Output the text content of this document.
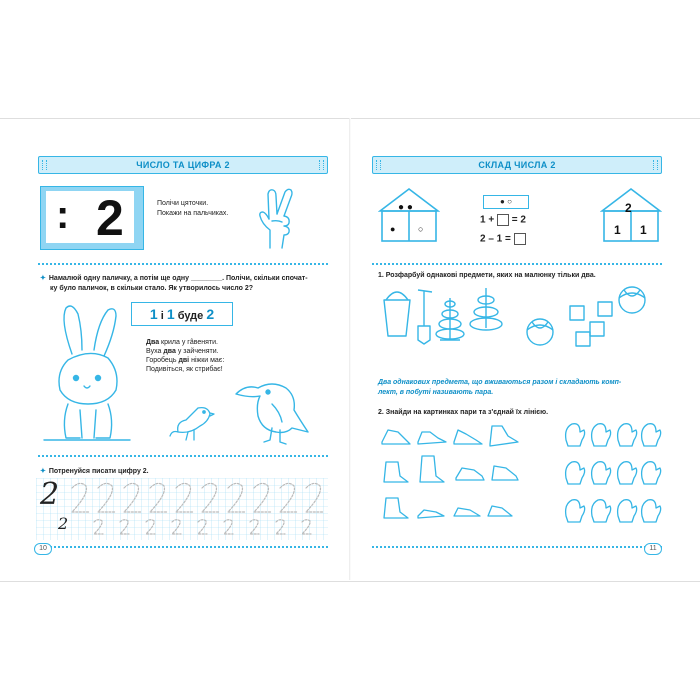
ЧИСЛО ТА ЦИФРА 2
: 2	Полічи цяточки.
Покажи на пальчиках.
✦ Намалюй одну паличку, а потім ще одну ________. Полічи, скільки спочат-
ку було паличок, в скільки стало. Як утворилось число 2?
1 і 1 буде 2
Два крила у гâвеняти.
Вуха два у зайченяти.
Горобець дві ніжки має:
Подивіться, як стрибає!
✦ Потренуйся писати цифру 2.
2
2
10
СКЛАД ЧИСЛА 2
● ●
●	○
● ○
1 + = 2
2 – 1 =
2
1 1
1. Розфарбуй однакові предмети, яких на малюнку тільки два.
Два однакових предмета, що вживаються разом і складають комп-
лект, в побуті називають пара.
2. Знайди на картинках пари та з'єднай їх лінією.
11
